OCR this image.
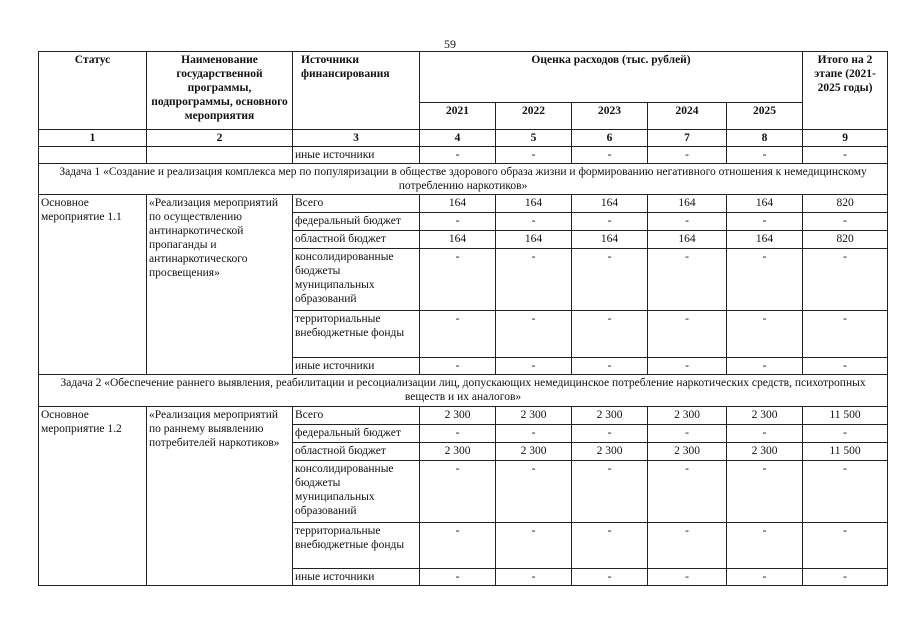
59
Статус	Наименование государственной программы, подпрограммы, основного мероприятия	Источники финансирования	Оценка расходов (тыс. рублей)					Итого на 2 этапе (2021-2025 годы)
			2021	2022	2023	2024	2025	
1	2	3	4	5	6	7	8	9
		иные источники	-	-	-	-	-	-
Задача 1 «Создание и реализация комплекса мер по популяризации в обществе здорового образа жизни и формированию негативного отношения к немедицинскому потреблению наркотиков»								
Основное мероприятие 1.1	«Реализация мероприятий по осуществлению антинаркотической пропаганды и антинаркотического просвещения»	Всего	164	164	164	164	164	820
		федеральный бюджет	-	-	-	-	-	-
		областной бюджет	164	164	164	164	164	820
		консолидированные бюджеты муниципальных образований	-	-	-	-	-	-
		территориальные внебюджетные фонды	-	-	-	-	-	-
		иные источники	-	-	-	-	-	-
Задача 2 «Обеспечение раннего выявления, реабилитации и ресоциализации лиц, допускающих немедицинское потребление наркотических средств, психотропных веществ и их аналогов»								
Основное мероприятие 1.2	«Реализация мероприятий по раннему выявлению потребителей наркотиков»	Всего	2 300	2 300	2 300	2 300	2 300	11 500
		федеральный бюджет	-	-	-	-	-	-
		областной бюджет	2 300	2 300	2 300	2 300	2 300	11 500
		консолидированные бюджеты муниципальных образований	-	-	-	-	-	-
		территориальные внебюджетные фонды	-	-	-	-	-	-
		иные источники	-	-	-	-	-	-
